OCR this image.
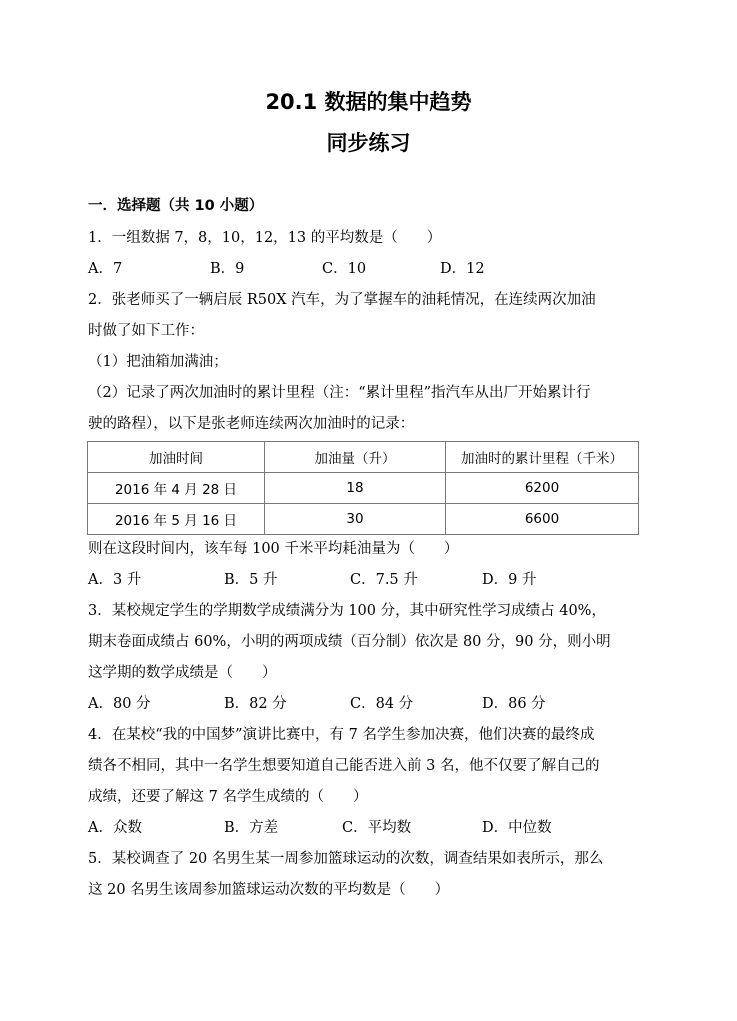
20.1 数据的集中趋势
同步练习
一．选择题（共 10 小题）
1．一组数据 7，8，10，12，13 的平均数是（　　）
A．7	B．9	C．10	D．12
2．张老师买了一辆启辰 R50X 汽车，为了掌握车的油耗情况，在连续两次加油
时做了如下工作：
（1）把油箱加满油；
（2）记录了两次加油时的累计里程（注：“累计里程”指汽车从出厂开始累计行
驶的路程），以下是张老师连续两次加油时的记录：
加油时间	加油量（升）	加油时的累计里程（千米）
2016 年 4 月 28 日	18	6200
2016 年 5 月 16 日	30	6600
则在这段时间内，该车每 100 千米平均耗油量为（　　）
A．3 升	B．5 升	C．7.5 升	D．9 升
3．某校规定学生的学期数学成绩满分为 100 分，其中研究性学习成绩占 40%，
期末卷面成绩占 60%，小明的两项成绩（百分制）依次是 80 分，90 分，则小明
这学期的数学成绩是（　　）
A．80 分	B．82 分	C．84 分	D．86 分
4．在某校“我的中国梦”演讲比赛中，有 7 名学生参加决赛，他们决赛的最终成
绩各不相同，其中一名学生想要知道自己能否进入前 3 名，他不仅要了解自己的
成绩，还要了解这 7 名学生成绩的（　　）
A．众数	B．方差	C．平均数	D．中位数
5．某校调查了 20 名男生某一周参加篮球运动的次数，调查结果如表所示，那么
这 20 名男生该周参加篮球运动次数的平均数是（　　）
